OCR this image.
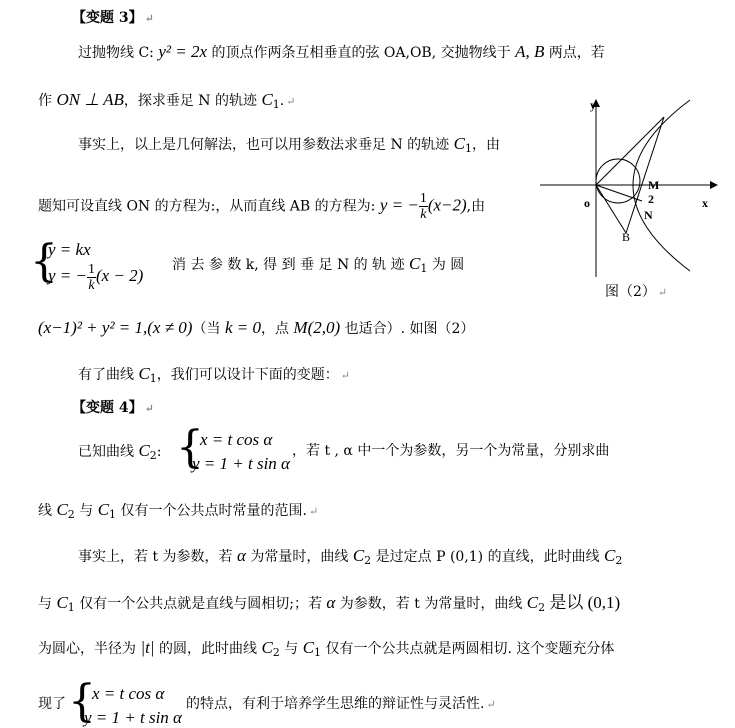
【变题 3】 ↵
过抛物线 C: y² = 2x 的顶点作两条互相垂直的弦 OA,OB, 交抛物线于 A, B 两点，若
作 ON ⊥ AB，探求垂足 N 的轨迹 $C_1$. ↵
事实上，以上是几何解法，也可以用参数法求垂足 N 的轨迹 $C_1$，由
题知可设直线 ON 的方程为:，从而直线 AB 的方程为: y = − $\frac{1}{k} (x-2)$,由
{
y = kx
y = − $\frac{1}{k} (x - 2)$
消 去 参 数 k, 得 到 垂 足 N 的 轨 迹 $C_1$ 为 圆
(x−1)² + y² = 1,(x ≠ 0)（当 k = 0，点 M(2,0) 也适合）. 如图（2）
有了曲线 $C_1$，我们可以设计下面的变题： ↵
【变题 4】 ↵
已知曲线 $C_2$: {
x = t cos α
y = 1 + t sin α
，若 t , α 中一个为参数，另一个为常量，分别求曲
线 $C_2$ 与 $C_1$ 仅有一个公共点时常量的范围. ↵
事实上，若 t 为参数，若 α 为常量时，曲线 $C_2$ 是过定点 P (0,1) 的直线，此时曲线 $C_2$
与 $C_1$ 仅有一个公共点就是直线与圆相切;；若 α 为参数，若 t 为常量时，曲线 $C_2$ 是以 (0,1)
为圆心，半径为 |t| 的圆，此时曲线 $C_2$ 与 $C_1$ 仅有一个公共点就是两圆相切. 这个变题充分体
现了 {
x = t cos α
y = 1 + t sin α
的特点，有利于培养学生思维的辩证性与灵活性. ↵
y
x
o
M
2
N
B
图（2） ↵
